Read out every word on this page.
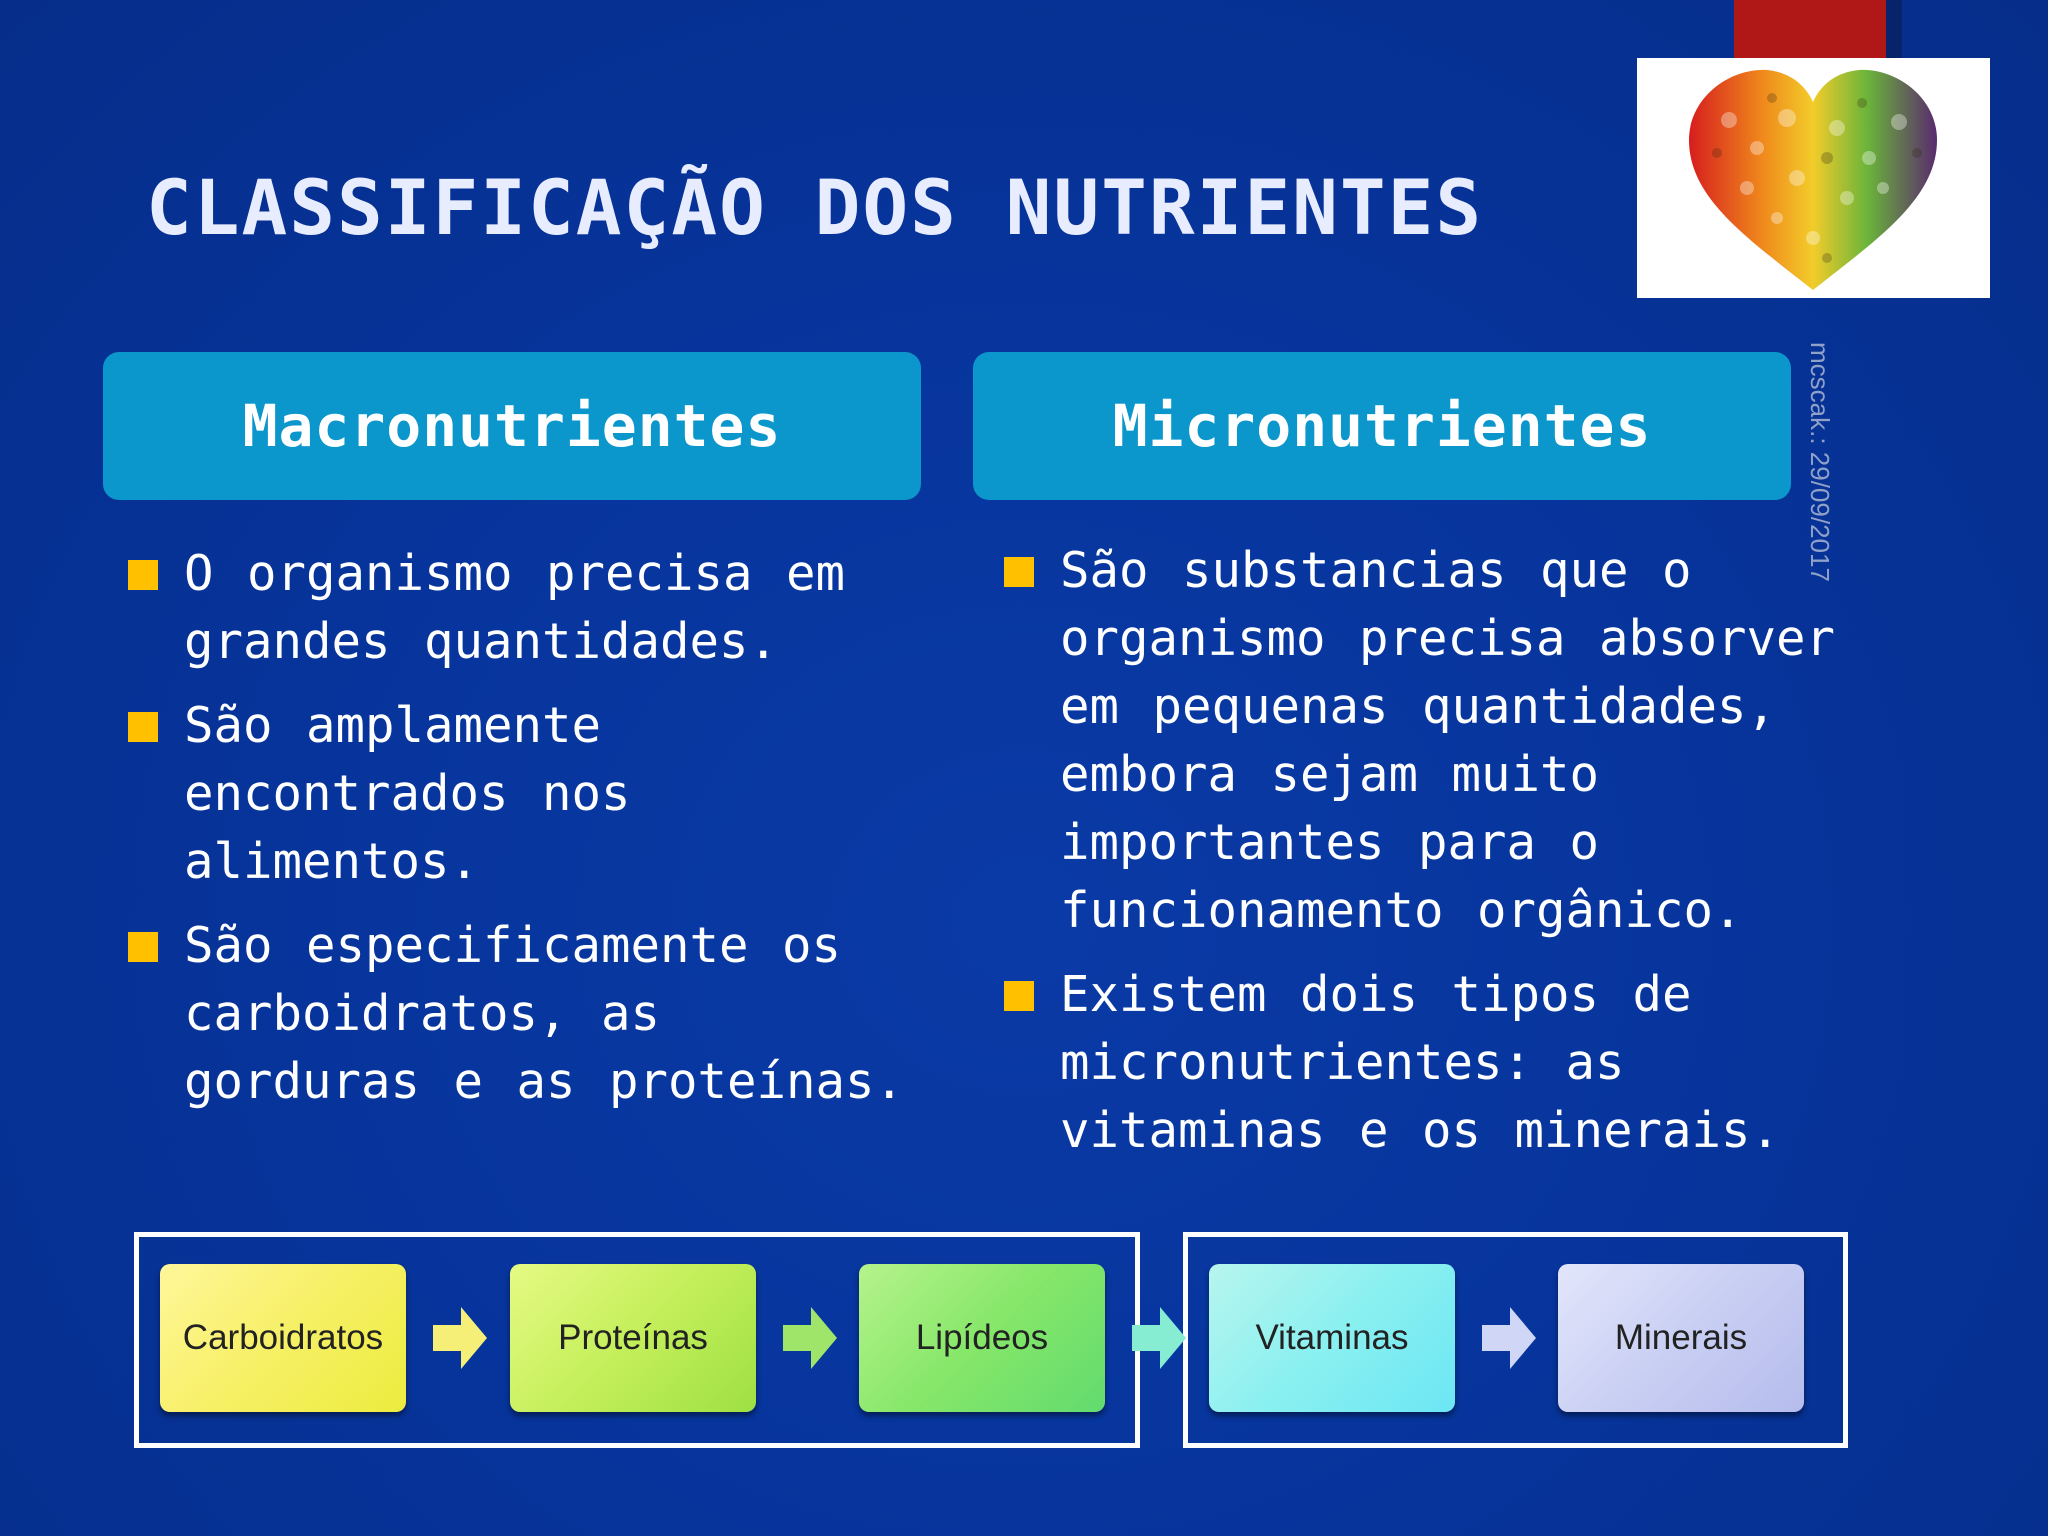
CLASSIFICAÇÃO DOS NUTRIENTES
mcscak.: 29/09/2017
Macronutrientes	Micronutrientes
O organismo precisa em grandes quantidades.
São amplamente encontrados nos alimentos.
São especificamente os carboidratos, as gorduras e as proteínas.
São substancias que o organismo precisa absorver em pequenas quantidades, embora sejam muito importantes para o funcionamento orgânico.
Existem dois tipos de micronutrientes: as vitaminas e os minerais.
Carboidratos	Proteínas	Lipídeos	Vitaminas	Minerais
